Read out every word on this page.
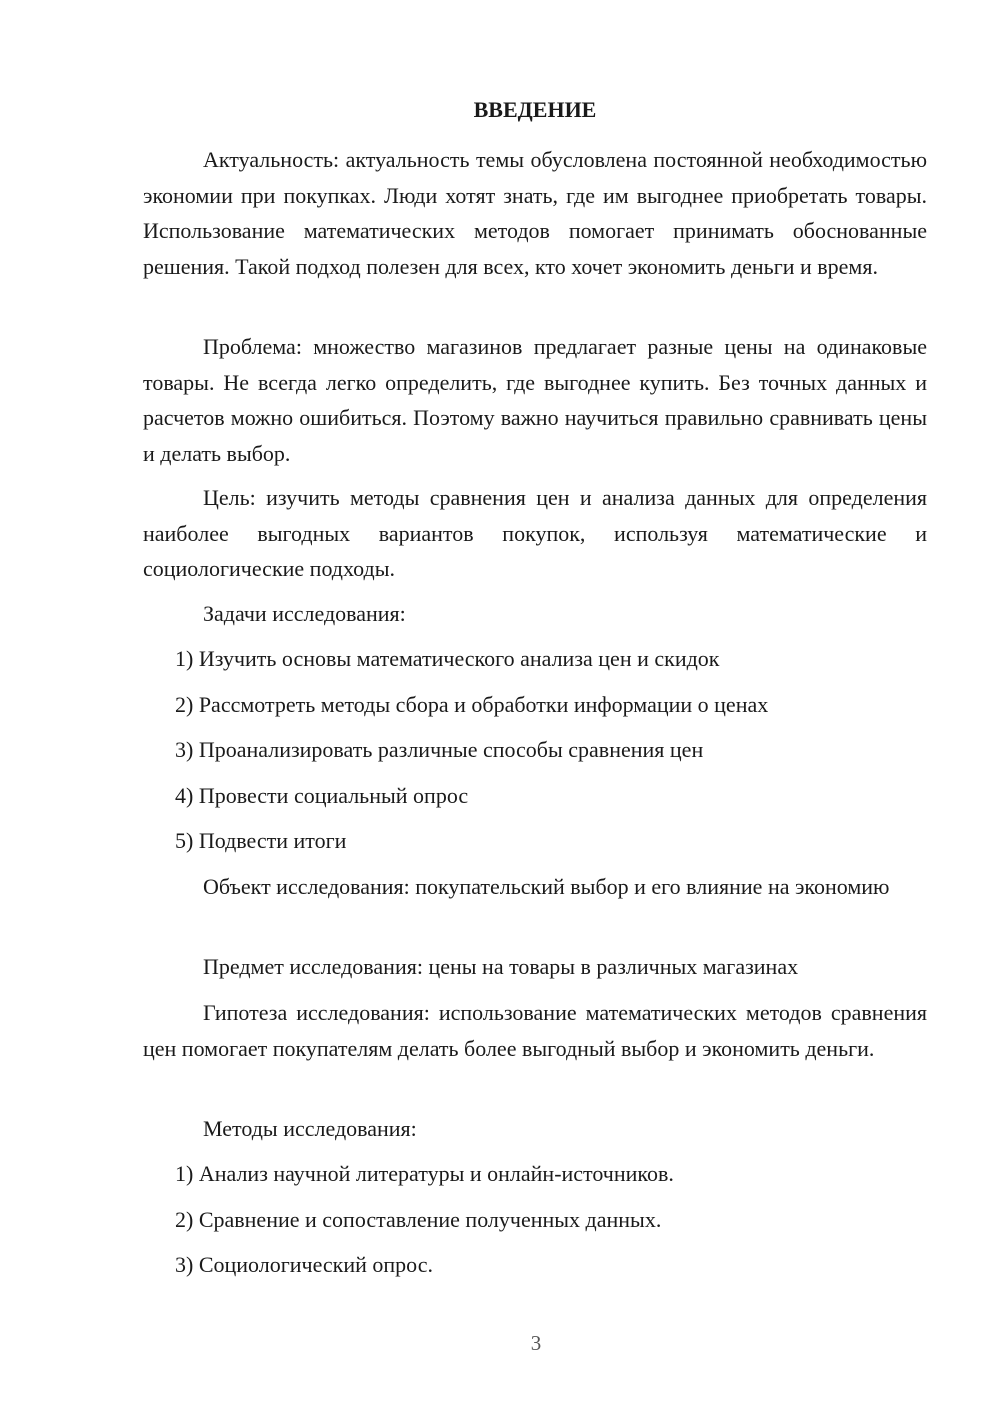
ВВЕДЕНИЕ

Актуальность: актуальность темы обусловлена постоянной необходимостью экономии при покупках. Люди хотят знать, где им выгоднее приобретать товары. Использование математических методов помогает принимать обоснованные решения. Такой подход полезен для всех, кто хочет экономить деньги и время.

Проблема: множество магазинов предлагает разные цены на одинаковые товары. Не всегда легко определить, где выгоднее купить. Без точных данных и расчетов можно ошибиться. Поэтому важно научиться правильно сравнивать цены и делать выбор.

Цель: изучить методы сравнения цен и анализа данных для определения наиболее выгодных вариантов покупок, используя математические и социологические подходы.

Задачи исследования:

1) Изучить основы математического анализа цен и скидок

2) Рассмотреть методы сбора и обработки информации о ценах

3) Проанализировать различные способы сравнения цен

4) Провести социальный опрос

5) Подвести итоги

Объект исследования: покупательский выбор и его влияние на экономию

Предмет исследования: цены на товары в различных магазинах

Гипотеза исследования: использование математических методов сравнения цен помогает покупателям делать более выгодный выбор и экономить деньги.

Методы исследования:

1) Анализ научной литературы и онлайн-источников.

2) Сравнение и сопоставление полученных данных.

3) Социологический опрос.

3
